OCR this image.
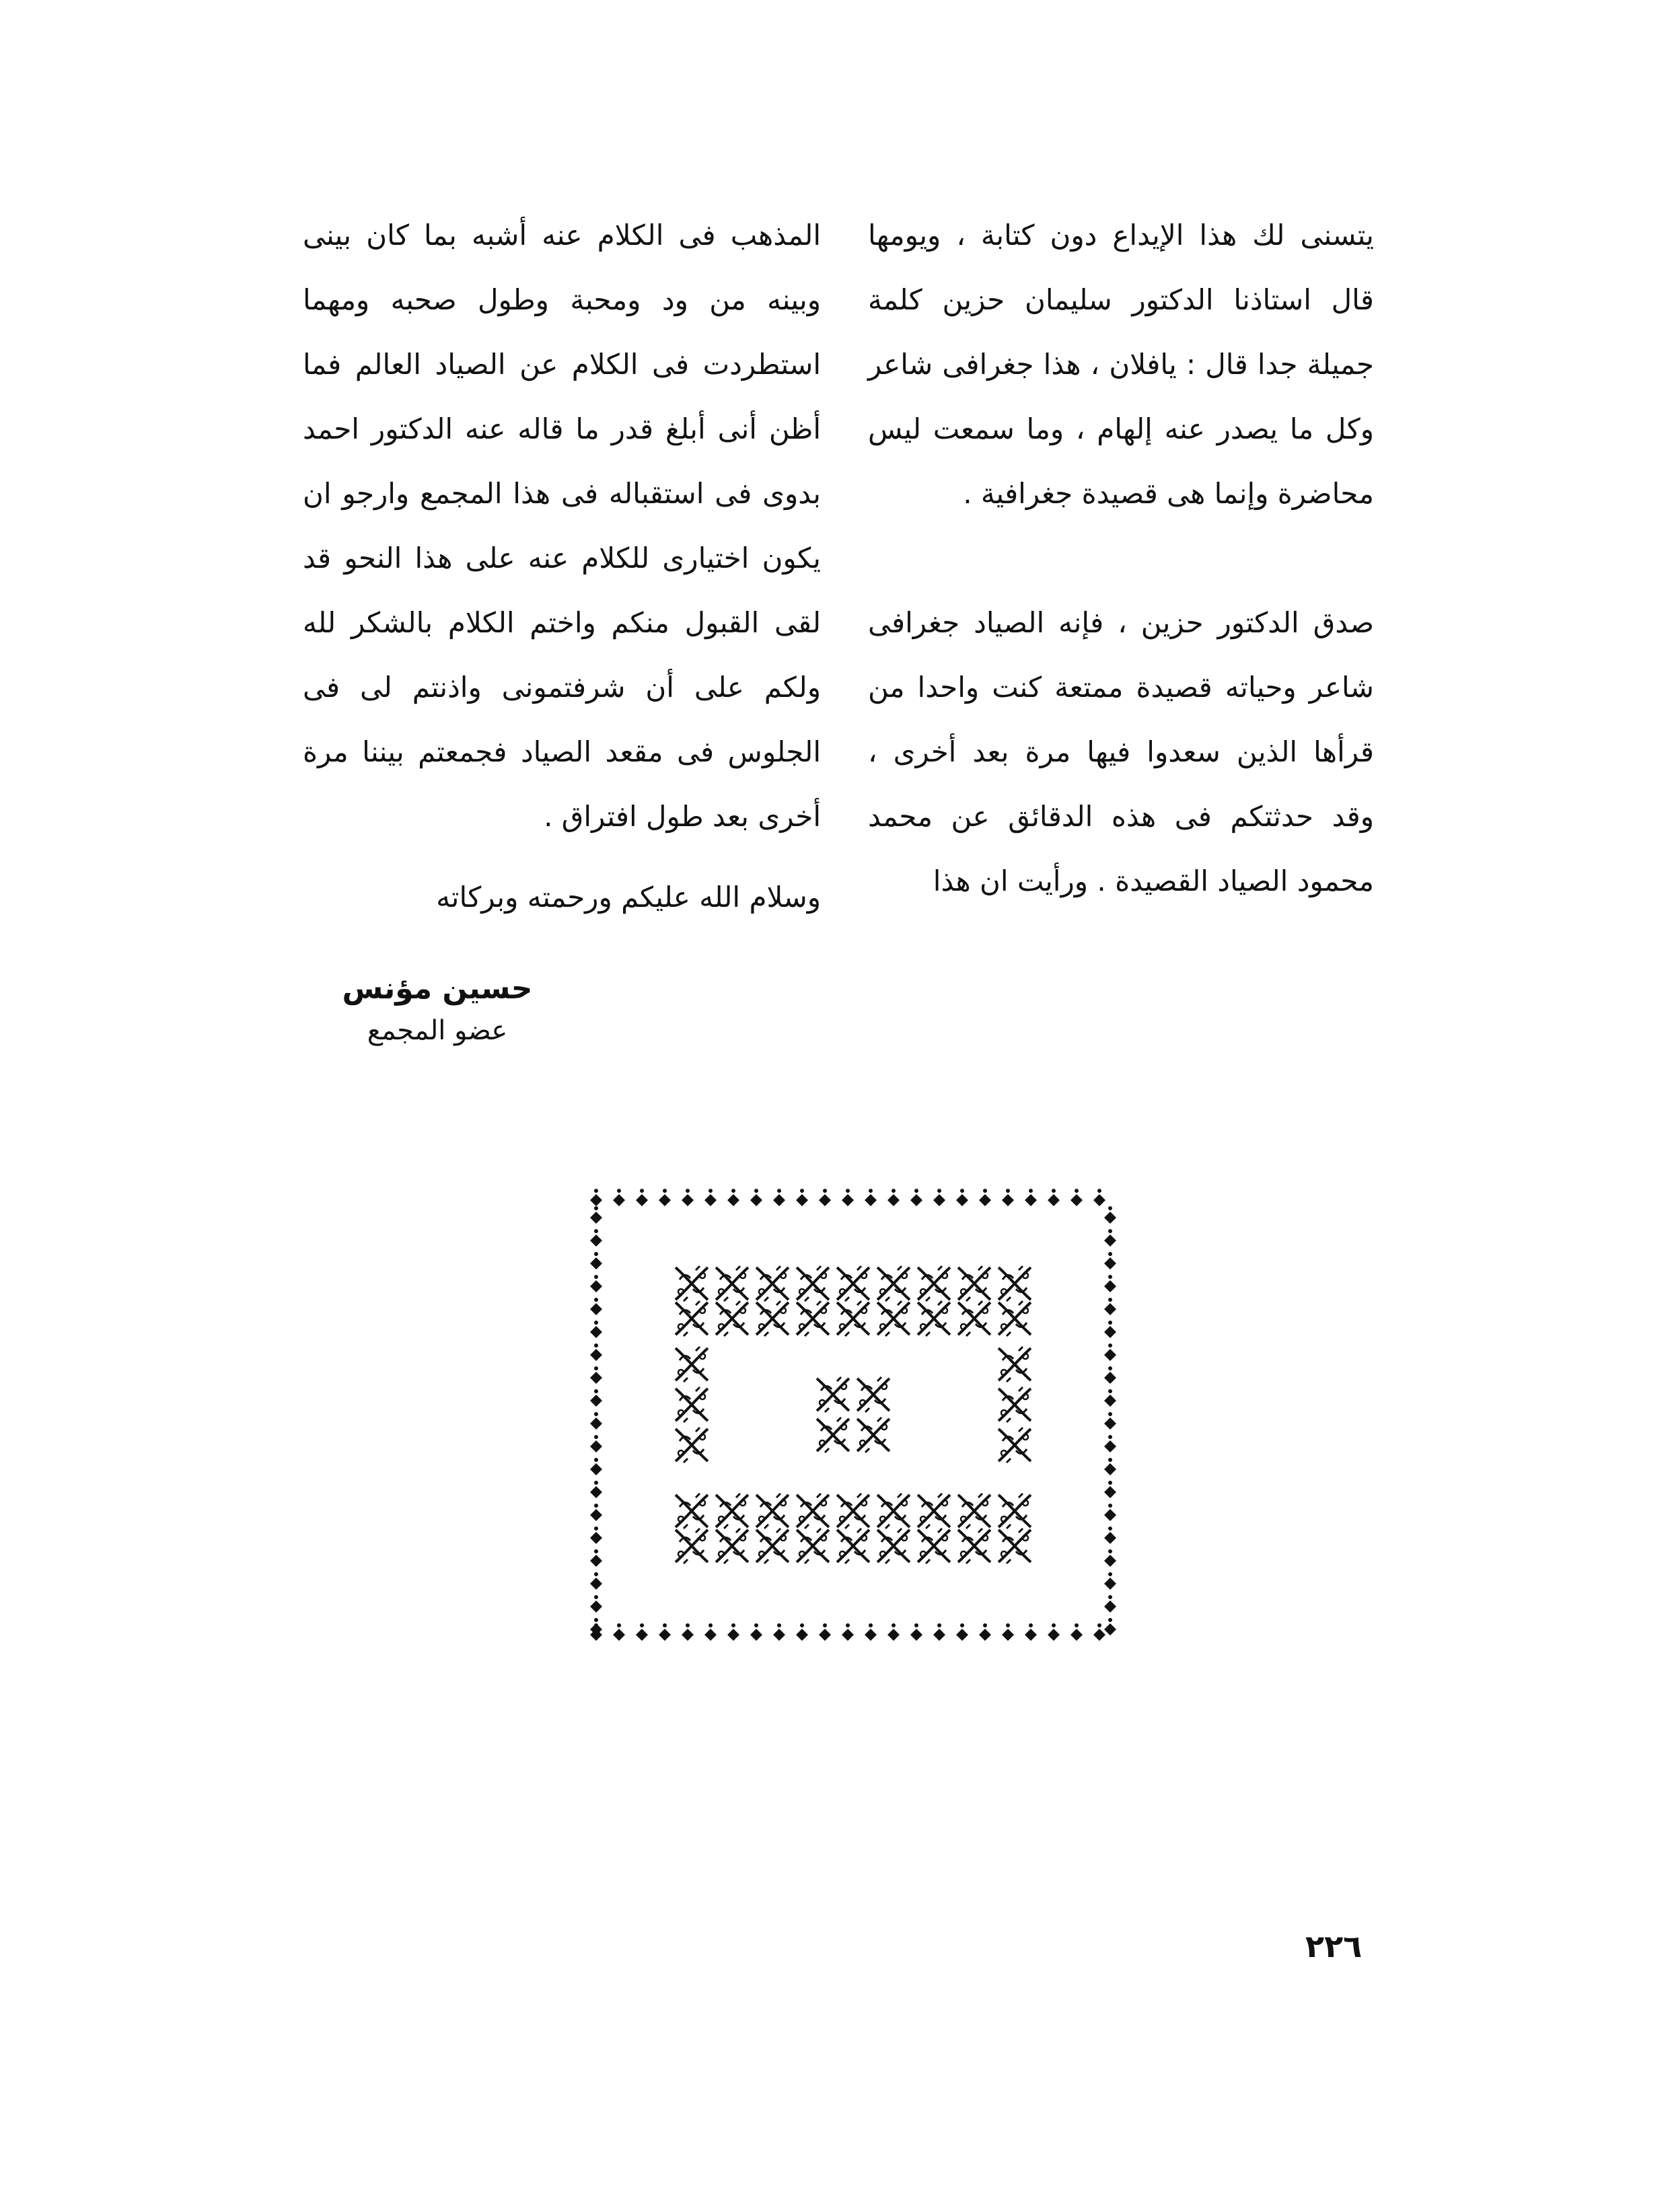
يتسنى لك هذا الإيداع دون كتابة ، ويومها قال استاذنا الدكتور سليمان حزين كلمة جميلة جدا قال : يافلان ، هذا جغرافى شاعر وكل ما يصدر عنه إلهام ، وما سمعت ليس محاضرة وإنما هى قصيدة جغرافية .

صدق الدكتور حزين ، فإنه الصياد جغرافى شاعر وحياته قصيدة ممتعة كنت واحدا من قرأها الذين سعدوا فيها مرة بعد أخرى ، وقد حدثتكم فى هذه الدقائق عن محمد محمود الصياد القصيدة . ورأيت ان هذا

المذهب فى الكلام عنه أشبه بما كان بينى وبينه من ود ومحبة وطول صحبه ومهما استطردت فى الكلام عن الصياد العالم فما أظن أنى أبلغ قدر ما قاله عنه الدكتور احمد بدوى فى استقباله فى هذا المجمع وارجو ان يكون اختيارى للكلام عنه على هذا النحو قد لقى القبول منكم واختم الكلام بالشكر لله ولكم على أن شرفتمونى واذنتم لى فى الجلوس فى مقعد الصياد فجمعتم بيننا مرة أخرى بعد طول افتراق .

وسلام الله عليكم ورحمته وبركاته

حسين مؤنس
عضو المجمع
٢٢٦
